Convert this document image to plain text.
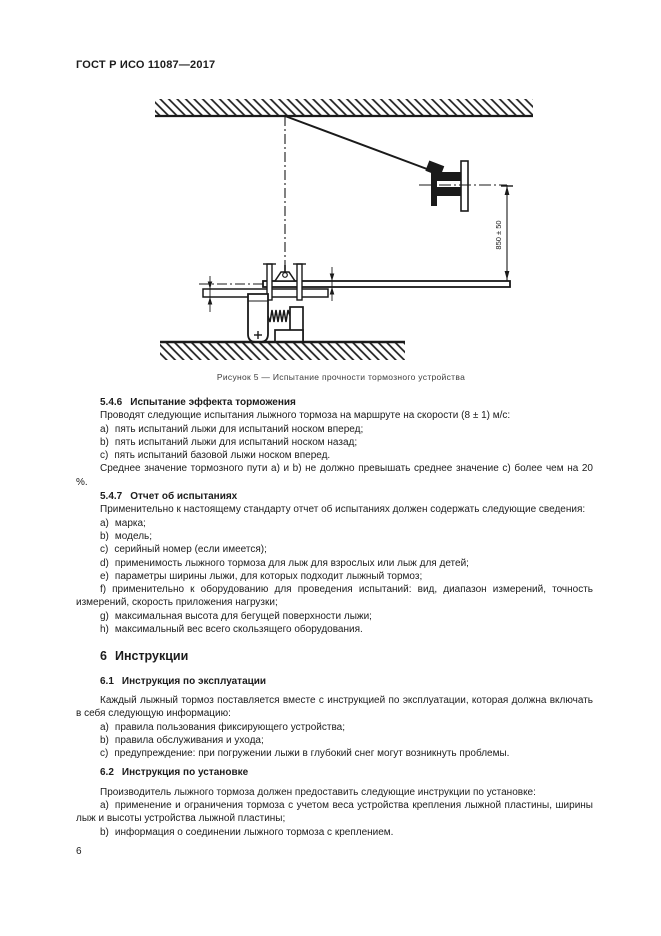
ГОСТ Р ИСО 11087—2017
850 ± 50
Рисунок 5 — Испытание прочности тормозного устройства

5.4.6 Испытание эффекта торможения

Проводят следующие испытания лыжного тормоза на маршруте на скорости (8 ± 1) м/с:

a) пять испытаний лыжи для испытаний носком вперед;

b) пять испытаний лыжи для испытаний носком назад;

c) пять испытаний базовой лыжи носком вперед.

Среднее значение тормозного пути a) и b) не должно превышать среднее значение c) более чем на 20 %.

5.4.7 Отчет об испытаниях

Применительно к настоящему стандарту отчет об испытаниях должен содержать следующие сведения:

a) марка;

b) модель;

c) серийный номер (если имеется);

d) применимость лыжного тормоза для лыж для взрослых или лыж для детей;

e) параметры ширины лыжи, для которых подходит лыжный тормоз;

f) применительно к оборудованию для проведения испытаний: вид, диапазон измерений, точность измерений, скорость приложения нагрузки;

g) максимальная высота для бегущей поверхности лыжи;

h) максимальный вес всего скользящего оборудования.

6 Инструкции

6.1 Инструкция по эксплуатации

Каждый лыжный тормоз поставляется вместе с инструкцией по эксплуатации, которая должна включать в себя следующую информацию:

a) правила пользования фиксирующего устройства;

b) правила обслуживания и ухода;

c) предупреждение: при погружении лыжи в глубокий снег могут возникнуть проблемы.

6.2 Инструкция по установке

Производитель лыжного тормоза должен предоставить следующие инструкции по установке:

a) применение и ограничения тормоза с учетом веса устройства крепления лыжной пластины, ширины лыж и высоты устройства лыжной пластины;

b) информация о соединении лыжного тормоза с креплением.

6
